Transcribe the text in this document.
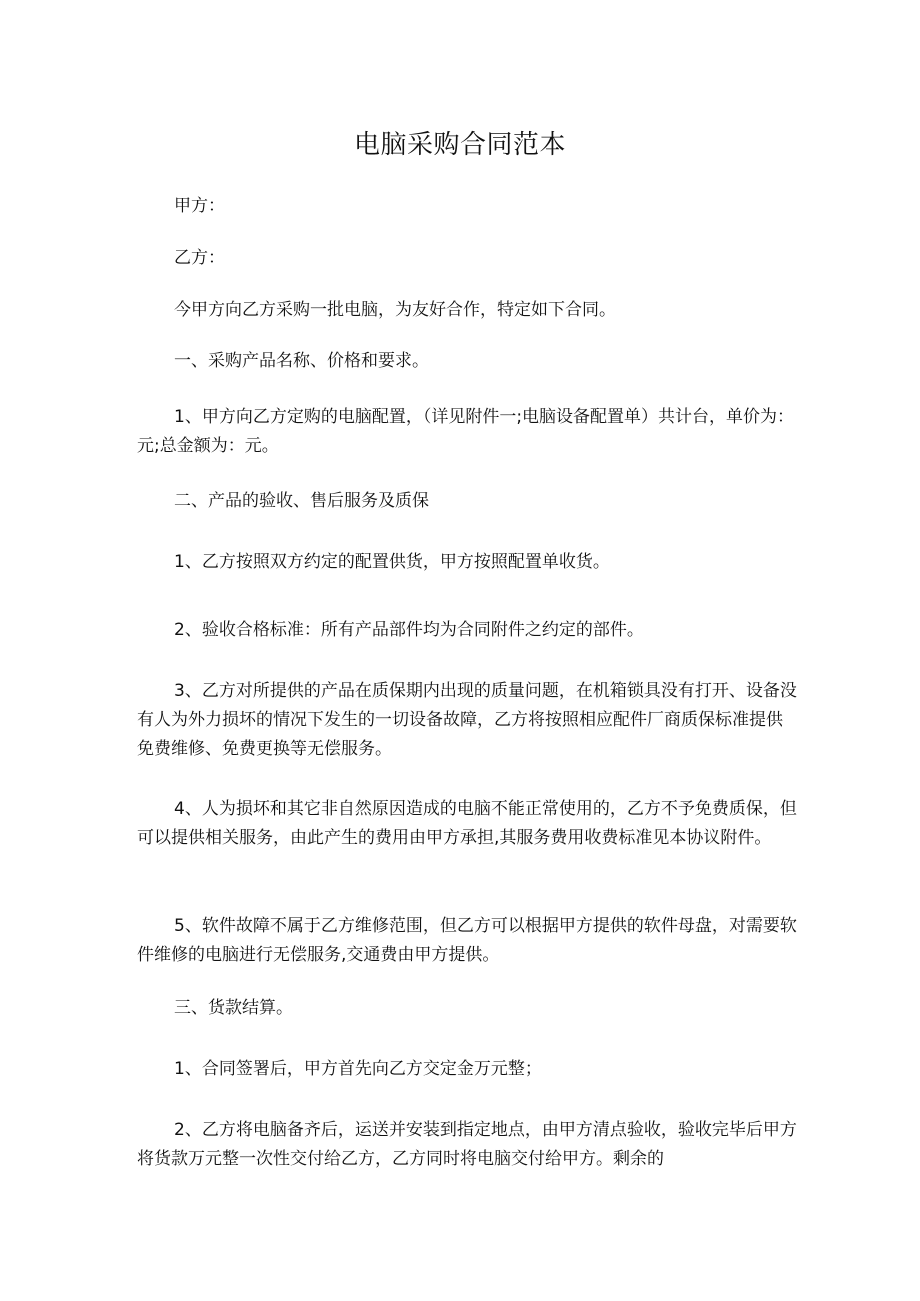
电脑采购合同范本

甲方：

乙方：

今甲方向乙方采购一批电脑，为友好合作，特定如下合同。

一、采购产品名称、价格和要求。

1、甲方向乙方定购的电脑配置，（详见附件一;电脑设备配置单）共计台，单价为：元;总金额为：元。

二、产品的验收、售后服务及质保

1、乙方按照双方约定的配置供货，甲方按照配置单收货。

2、验收合格标准：所有产品部件均为合同附件之约定的部件。

3、乙方对所提供的产品在质保期内出现的质量问题，在机箱锁具没有打开、设备没有人为外力损坏的情况下发生的一切设备故障，乙方将按照相应配件厂商质保标准提供免费维修、免费更换等无偿服务。

4、人为损坏和其它非自然原因造成的电脑不能正常使用的，乙方不予免费质保，但可以提供相关服务，由此产生的费用由甲方承担,其服务费用收费标准见本协议附件。

5、软件故障不属于乙方维修范围，但乙方可以根据甲方提供的软件母盘，对需要软件维修的电脑进行无偿服务,交通费由甲方提供。

三、货款结算。

1、合同签署后，甲方首先向乙方交定金万元整；

2、乙方将电脑备齐后，运送并安装到指定地点，由甲方清点验收，验收完毕后甲方将货款万元整一次性交付给乙方，乙方同时将电脑交付给甲方。剩余的
